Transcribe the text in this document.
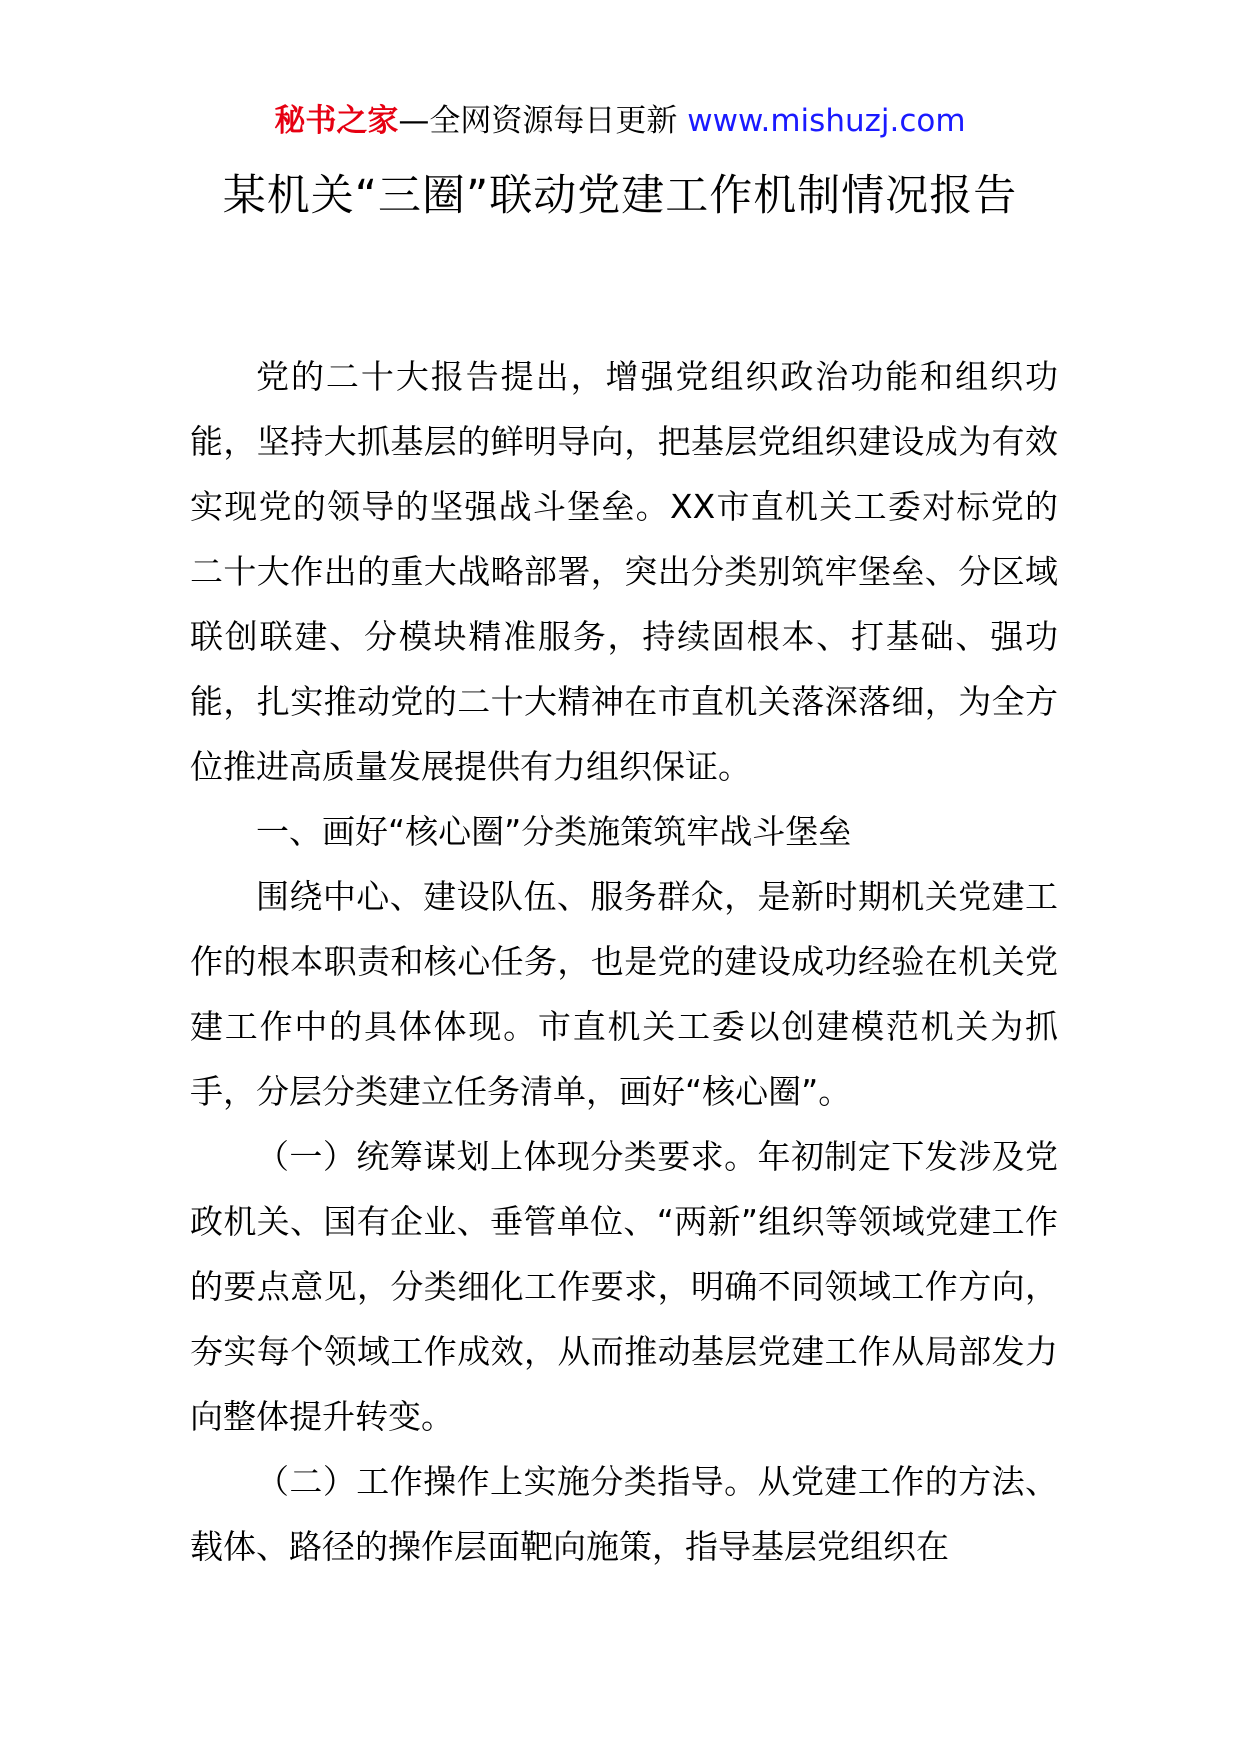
秘书之家—全网资源每日更新 www.mishuzj.com
某机关“三圈”联动党建工作机制情况报告

党的二十大报告提出，增强党组织政治功能和组织功能，坚持大抓基层的鲜明导向，把基层党组织建设成为有效实现党的领导的坚强战斗堡垒。XX市直机关工委对标党的二十大作出的重大战略部署，突出分类别筑牢堡垒、分区域联创联建、分模块精准服务，持续固根本、打基础、强功能，扎实推动党的二十大精神在市直机关落深落细，为全方位推进高质量发展提供有力组织保证。

一、画好“核心圈”分类施策筑牢战斗堡垒

围绕中心、建设队伍、服务群众，是新时期机关党建工作的根本职责和核心任务，也是党的建设成功经验在机关党建工作中的具体体现。市直机关工委以创建模范机关为抓手，分层分类建立任务清单，画好“核心圈”。

（一）统筹谋划上体现分类要求。年初制定下发涉及党政机关、国有企业、垂管单位、“两新”组织等领域党建工作的要点意见，分类细化工作要求，明确不同领域工作方向，夯实每个领域工作成效，从而推动基层党建工作从局部发力向整体提升转变。

（二）工作操作上实施分类指导。从党建工作的方法、载体、路径的操作层面靶向施策，指导基层党组织在
